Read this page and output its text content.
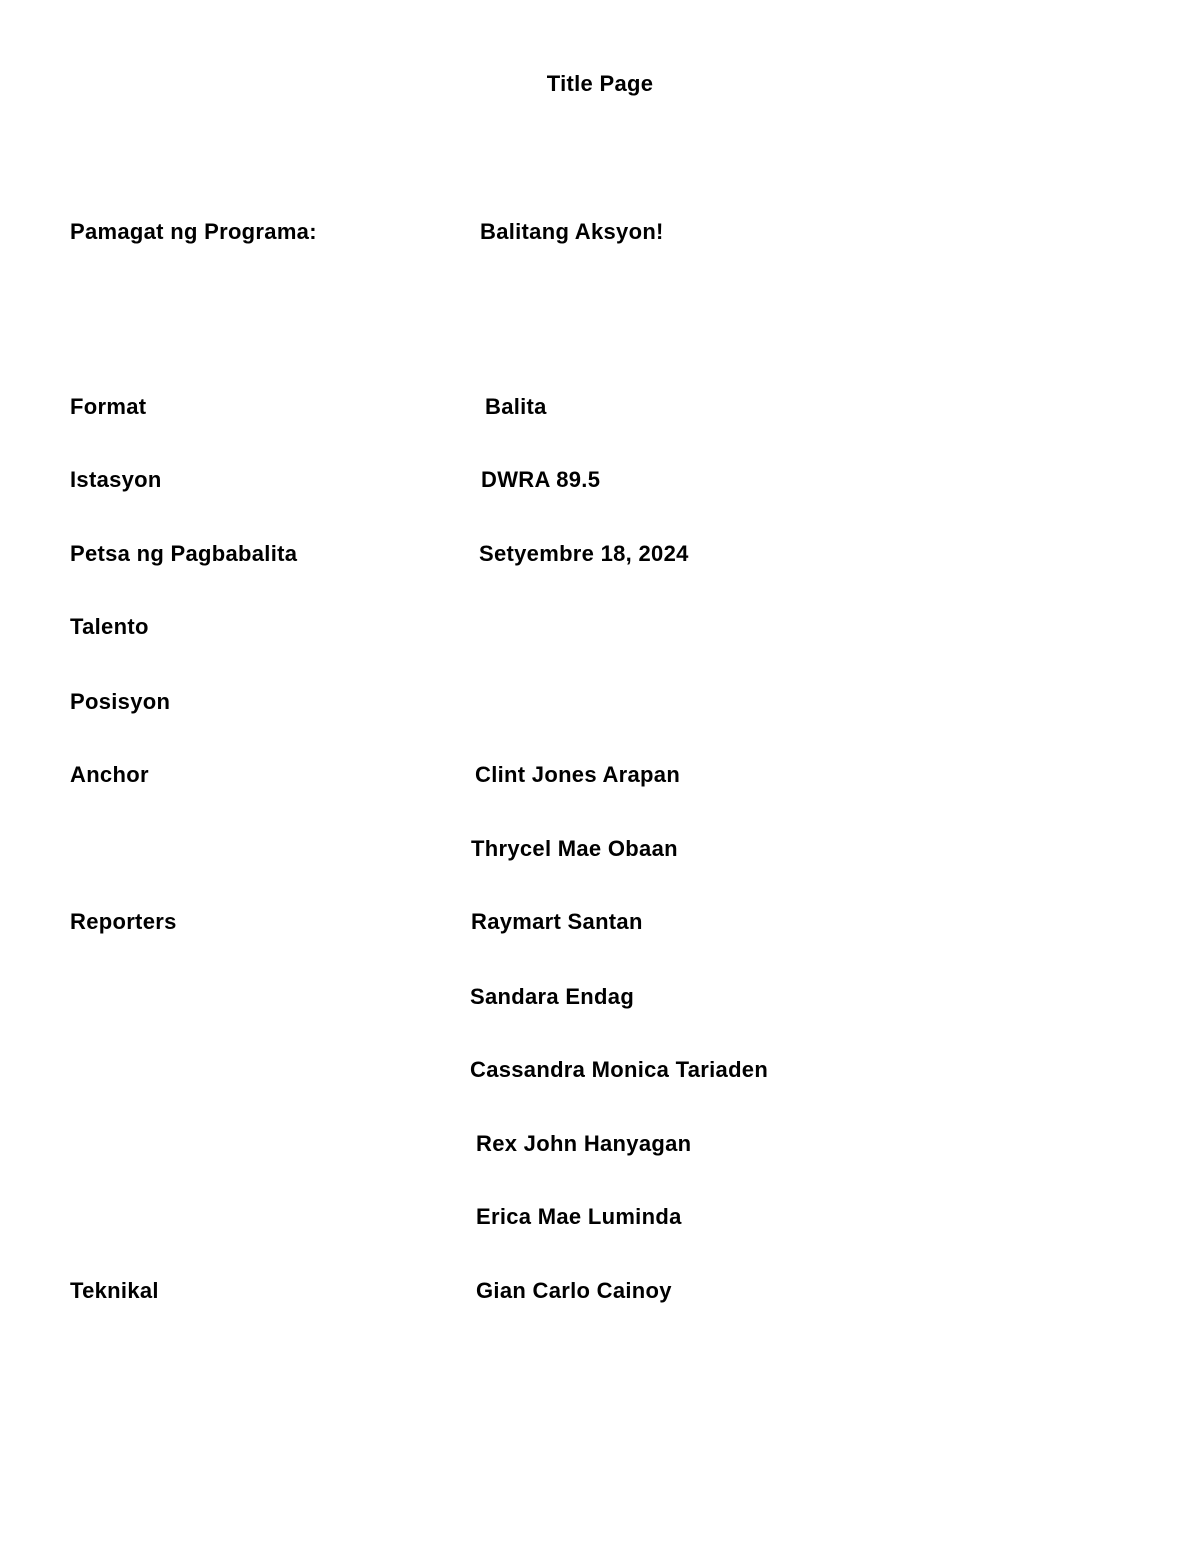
Title Page
Pamagat ng Programa:	Balitang Aksyon!
Format	Balita
Istasyon	DWRA 89.5
Petsa ng Pagbabalita	Setyembre 18, 2024
Talento
Posisyon
Anchor	Clint Jones Arapan
Thrycel Mae Obaan
Reporters	Raymart Santan
Sandara Endag
Cassandra Monica Tariaden
Rex John Hanyagan
Erica Mae Luminda
Teknikal	Gian Carlo Cainoy
